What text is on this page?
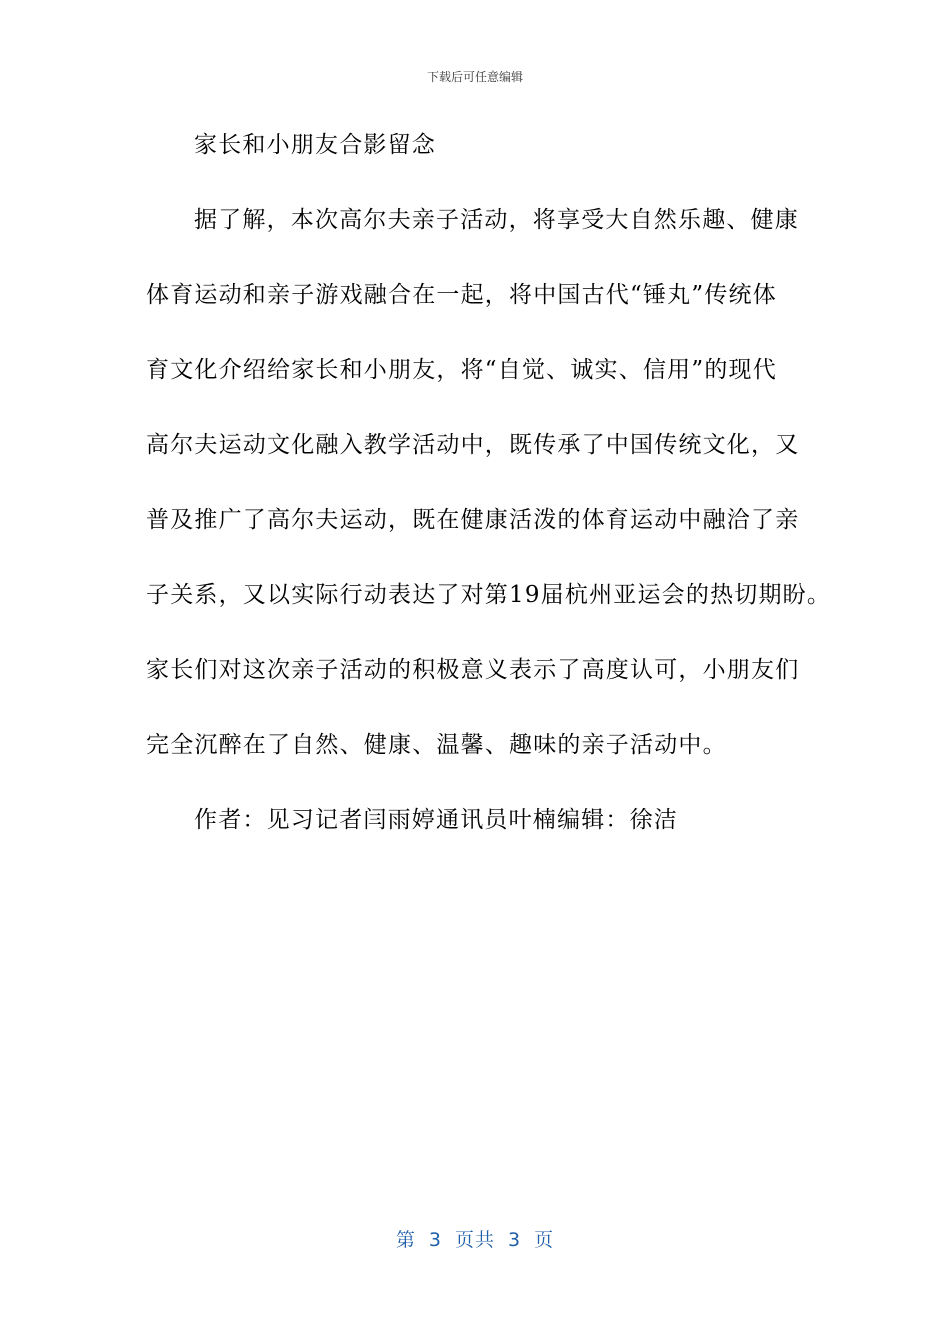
下载后可任意编辑
家长和小朋友合影留念
据了解，本次高尔夫亲子活动，将享受大自然乐趣、健康
体育运动和亲子游戏融合在一起，将中国古代“锤丸”传统体
育文化介绍给家长和小朋友，将“自觉、诚实、信用”的现代
高尔夫运动文化融入教学活动中，既传承了中国传统文化，又
普及推广了高尔夫运动，既在健康活泼的体育运动中融洽了亲
子关系，又以实际行动表达了对第19届杭州亚运会的热切期盼。
家长们对这次亲子活动的积极意义表示了高度认可，小朋友们
完全沉醉在了自然、健康、温馨、趣味的亲子活动中。
作者：见习记者闫雨婷通讯员叶楠编辑：徐洁
第 3 页共 3 页
